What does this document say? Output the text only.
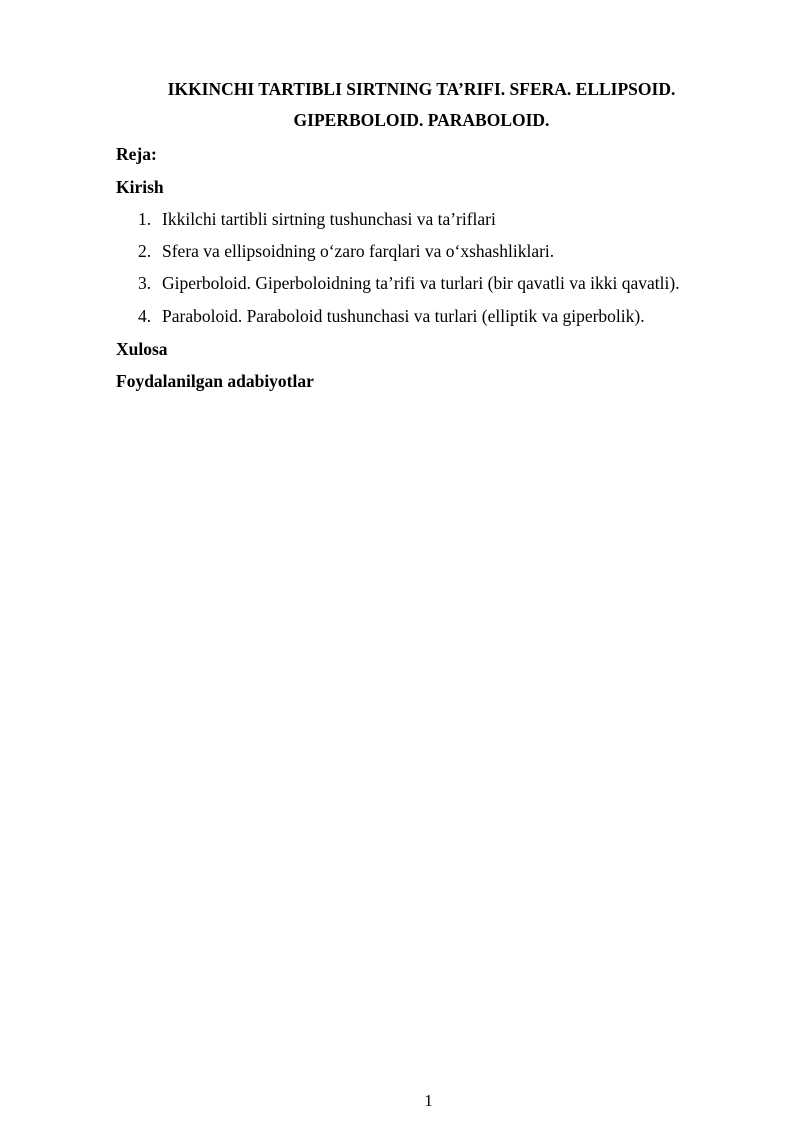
IKKINCHI TARTIBLI SIRTNING TA’RIFI. SFERA. ELLIPSOID.
GIPERBOLOID. PARABOLOID.
Reja:
Kirish
1. Ikkilchi tartibli sirtning tushunchasi va ta’riflari
2. Sfera va ellipsoidning o‘zaro farqlari va o‘xshashliklari.
3. Giperboloid. Giperboloidning ta’rifi va turlari (bir qavatli va ikki qavatli).
4. Paraboloid. Paraboloid tushunchasi va turlari (elliptik va giperbolik).
Xulosa
Foydalanilgan adabiyotlar
1
